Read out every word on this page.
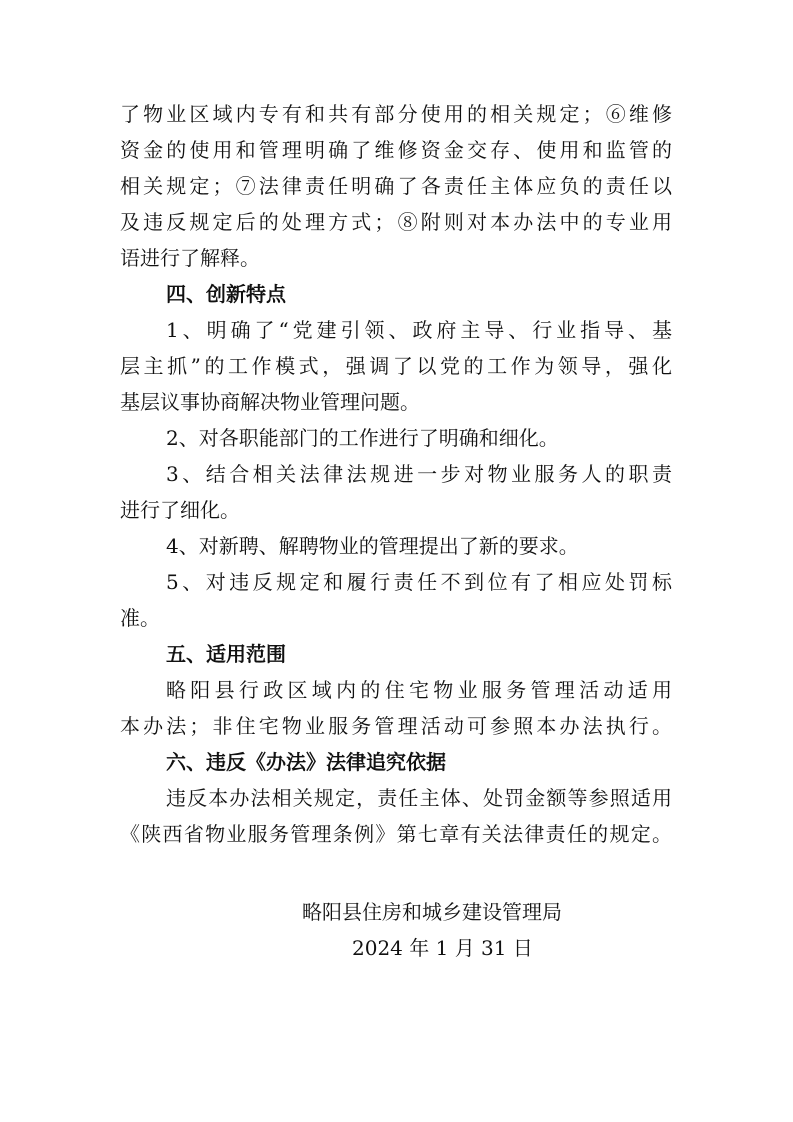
了物业区域内专有和共有部分使用的相关规定；⑥维修
资金的使用和管理明确了维修资金交存、使用和监管的
相关规定；⑦法律责任明确了各责任主体应负的责任以
及违反规定后的处理方式；⑧附则对本办法中的专业用
语进行了解释。
四、创新特点
1、明确了“党建引领、政府主导、行业指导、基
层主抓”的工作模式，强调了以党的工作为领导，强化
基层议事协商解决物业管理问题。
2、对各职能部门的工作进行了明确和细化。
3、结合相关法律法规进一步对物业服务人的职责
进行了细化。
4、对新聘、解聘物业的管理提出了新的要求。
5、对违反规定和履行责任不到位有了相应处罚标
准。
五、适用范围
略阳县行政区域内的住宅物业服务管理活动适用
本办法；非住宅物业服务管理活动可参照本办法执行。
六、违反《办法》法律追究依据
违反本办法相关规定，责任主体、处罚金额等参照适用
《陕西省物业服务管理条例》第七章有关法律责任的规定。
略阳县住房和城乡建设管理局
2024 年 1 月 31 日
